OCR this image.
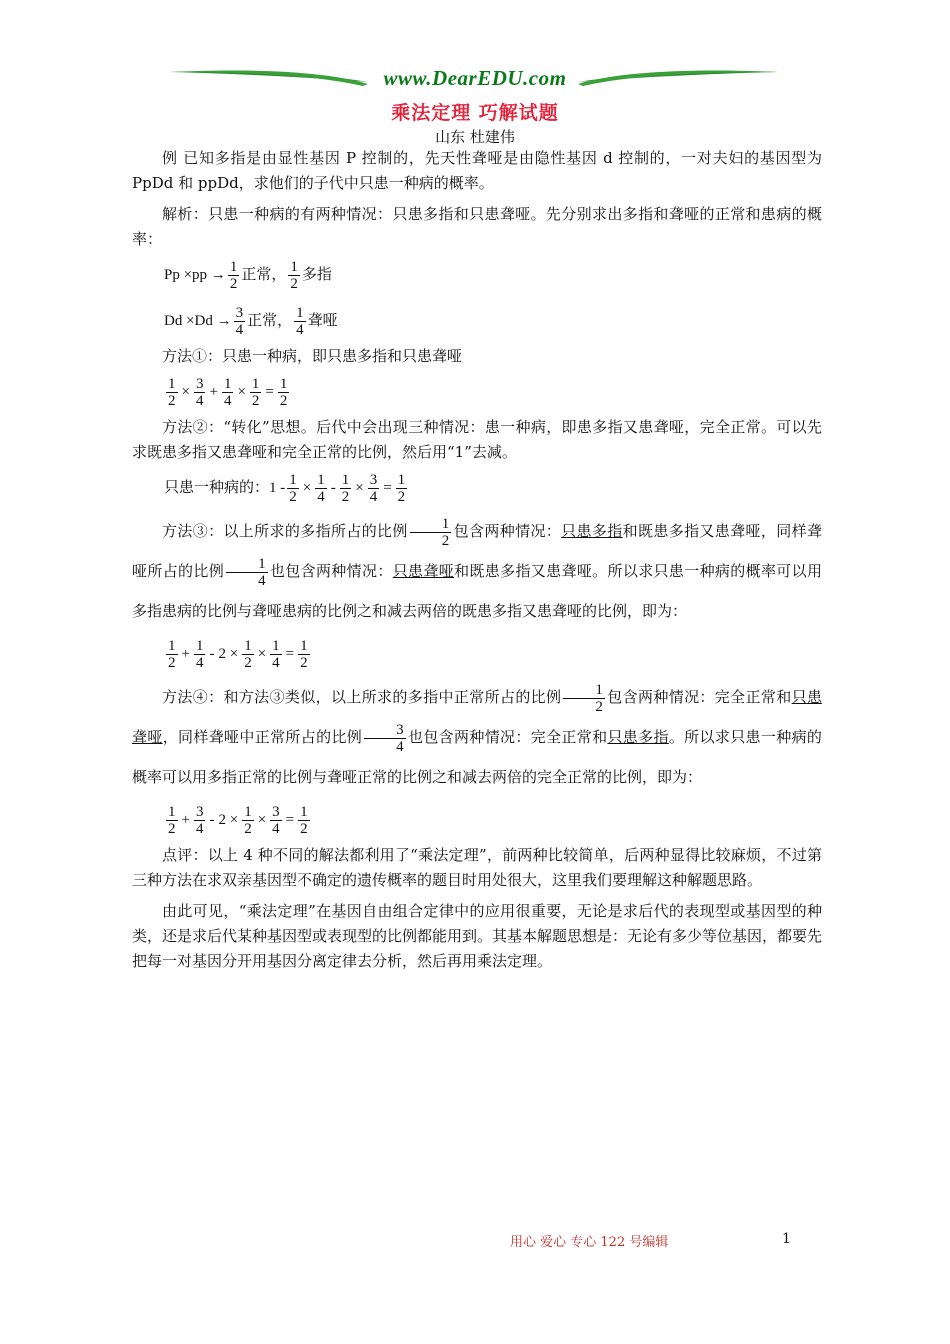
www.DearEDU.com
乘法定理 巧解试题
山东 杜建伟

例 已知多指是由显性基因 P 控制的，先天性聋哑是由隐性基因 d 控制的，一对夫妇的基因型为 PpDd 和 ppDd，求他们的子代中只患一种病的概率。

解析：只患一种病的有两种情况：只患多指和只患聋哑。先分别求出多指和聋哑的正常和患病的概率：

$Pp \times pp \to \frac{1}{2}$ 正常， $\frac{1}{2}$ 多指
$Dd \times Dd \to \frac{3}{4}$ 正常， $\frac{1}{4}$ 聋哑

方法①：只患一种病，即只患多指和只患聋哑

$\frac{1}{2} \times \frac{3}{4} + \frac{1}{4} \times \frac{1}{2} = \frac{1}{2}$

方法②：“转化”思想。后代中会出现三种情况：患一种病，即患多指又患聋哑，完全正常。可以先求既患多指又患聋哑和完全正常的比例，然后用“1”去减。

只患一种病的：$1 - \frac{1}{2} \times \frac{1}{4} - \frac{1}{2} \times \frac{3}{4} = \frac{1}{2}$

方法③：以上所求的多指所占的比例 $\frac{1}{2}$ 包含两种情况：只患多指和既患多指又患聋哑，同样聋哑所占的比例 $\frac{1}{4}$ 也包含两种情况：只患聋哑和既患多指又患聋哑。所以求只患一种病的概率可以用多指患病的比例与聋哑患病的比例之和减去两倍的既患多指又患聋哑的比例，即为：

$\frac{1}{2} + \frac{1}{4} - 2 \times \frac{1}{2} \times \frac{1}{4} = \frac{1}{2}$

方法④：和方法③类似，以上所求的多指中正常所占的比例 $\frac{1}{2}$ 包含两种情况：完全正常和只患聋哑，同样聋哑中正常所占的比例 $\frac{3}{4}$ 也包含两种情况：完全正常和只患多指。所以求只患一种病的概率可以用多指正常的比例与聋哑正常的比例之和减去两倍的完全正常的比例，即为：

$\frac{1}{2} + \frac{3}{4} - 2 \times \frac{1}{2} \times \frac{3}{4} = \frac{1}{2}$

点评：以上 4 种不同的解法都利用了“乘法定理”，前两种比较简单，后两种显得比较麻烦，不过第三种方法在求双亲基因型不确定的遗传概率的题目时用处很大，这里我们要理解这种解题思路。

由此可见，“乘法定理”在基因自由组合定律中的应用很重要，无论是求后代的表现型或基因型的种类，还是求后代某种基因型或表现型的比例都能用到。其基本解题思想是：无论有多少等位基因，都要先把每一对基因分开用基因分离定律去分析，然后再用乘法定理。

用心 爱心 专心 122 号编辑	1
